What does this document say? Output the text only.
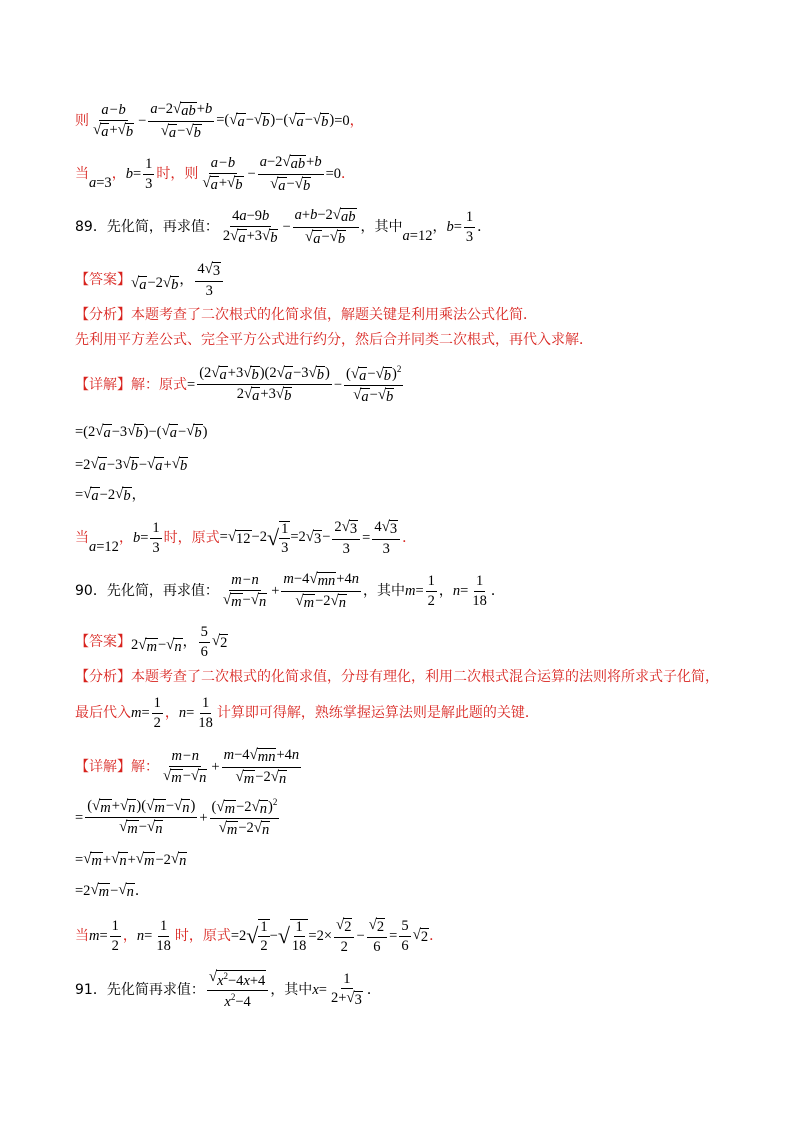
则 $\frac{a-b}{√ a + √ b} - \frac{a-2 √ ab +b}{√ a - √ b}$ =( √ a − √ b )−( √ a − √ b ) =0 ，
当
a=3
， $b= \frac{1}{3}$ 时，则 $\frac{a-b}{√ a + √ b} - \frac{a-2 √ ab +b}{√ a - √ b} =0$ ．
89． 先化简，再求值： $\frac{4a-9b}{2 √ a +3 √ b} - \frac{a+b-2 √ ab}{√ a - √ b}$ ，其中
a=12
， $b= \frac{1}{3}$ ．
【答案】 √ a −2 √ b ， $\frac{4 √ 3}{3}$
【分析】 本题考查了二次根式的化简求值，解题关键是利用乘法公式化简．
先利用平方差公式、完全平方公式进行约分，然后合并同类二次根式，再代入求解．
【详解】 解：原式 = $\frac{(2 √ a +3 √ b )(2 √ a -3 √ b )}{2 √ a +3 √ b} - \frac{( √ a - √ b )^2}{√ a - √ b}$
=(2 √ a −3 √ b )−( √ a − √ b )
=2 √ a −3 √ b − √ a + √ b
= √ a −2 √ b ，
当
a=12
， $b= \frac{1}{3}$ 时，原式 = √ 12 −2 √ $\frac{1}{3} =2$ √ $3 - \frac{2 √ 3}{3} = \frac{4 √ 3}{3}$ ．
90． 先化简，再求值： $\frac{m-n}{√ m - √ n} + \frac{m-4 √ mn +4n}{√ m -2 √ n}$ ，其中 $m= \frac{1}{2}$ ， $n= \frac{1}{18}$ ．
【答案】 2 √ m − √ n ， $\frac{5}{6}$ √ 2
【分析】 本题考查了二次根式的化简求值，分母有理化，利用二次根式混合运算的法则将所求式子化简，
最后代入 $m= \frac{1}{2}$ ， $n= \frac{1}{18}$ 计算即可得解，熟练掌握运算法则是解此题的关键．
【详解】 解： $\frac{m-n}{√ m - √ n} + \frac{m-4 √ mn +4n}{√ m -2 √ n}$
= $\frac{( √ m + √ n )( √ m - √ n )}{√ m - √ n} + \frac{( √ m -2 √ n )^2}{√ m -2 √ n}$
= √ m + √ n + √ m −2 √ n
=2 √ m − √ n ．
当 $m= \frac{1}{2}$ ， $n= \frac{1}{18}$ 时，原式 =2 √ $\frac{1}{2}$ − √ $\frac{1}{18} =2\times \frac{√ 2}{2} - \frac{√ 2}{6} = \frac{5}{6}$ √ 2 ．
91． 先化简再求值： $\frac{√ x^2-4x+4}{x^2-4}$ ，其中 $x= \frac{1}{2+ √ 3}$ ．
